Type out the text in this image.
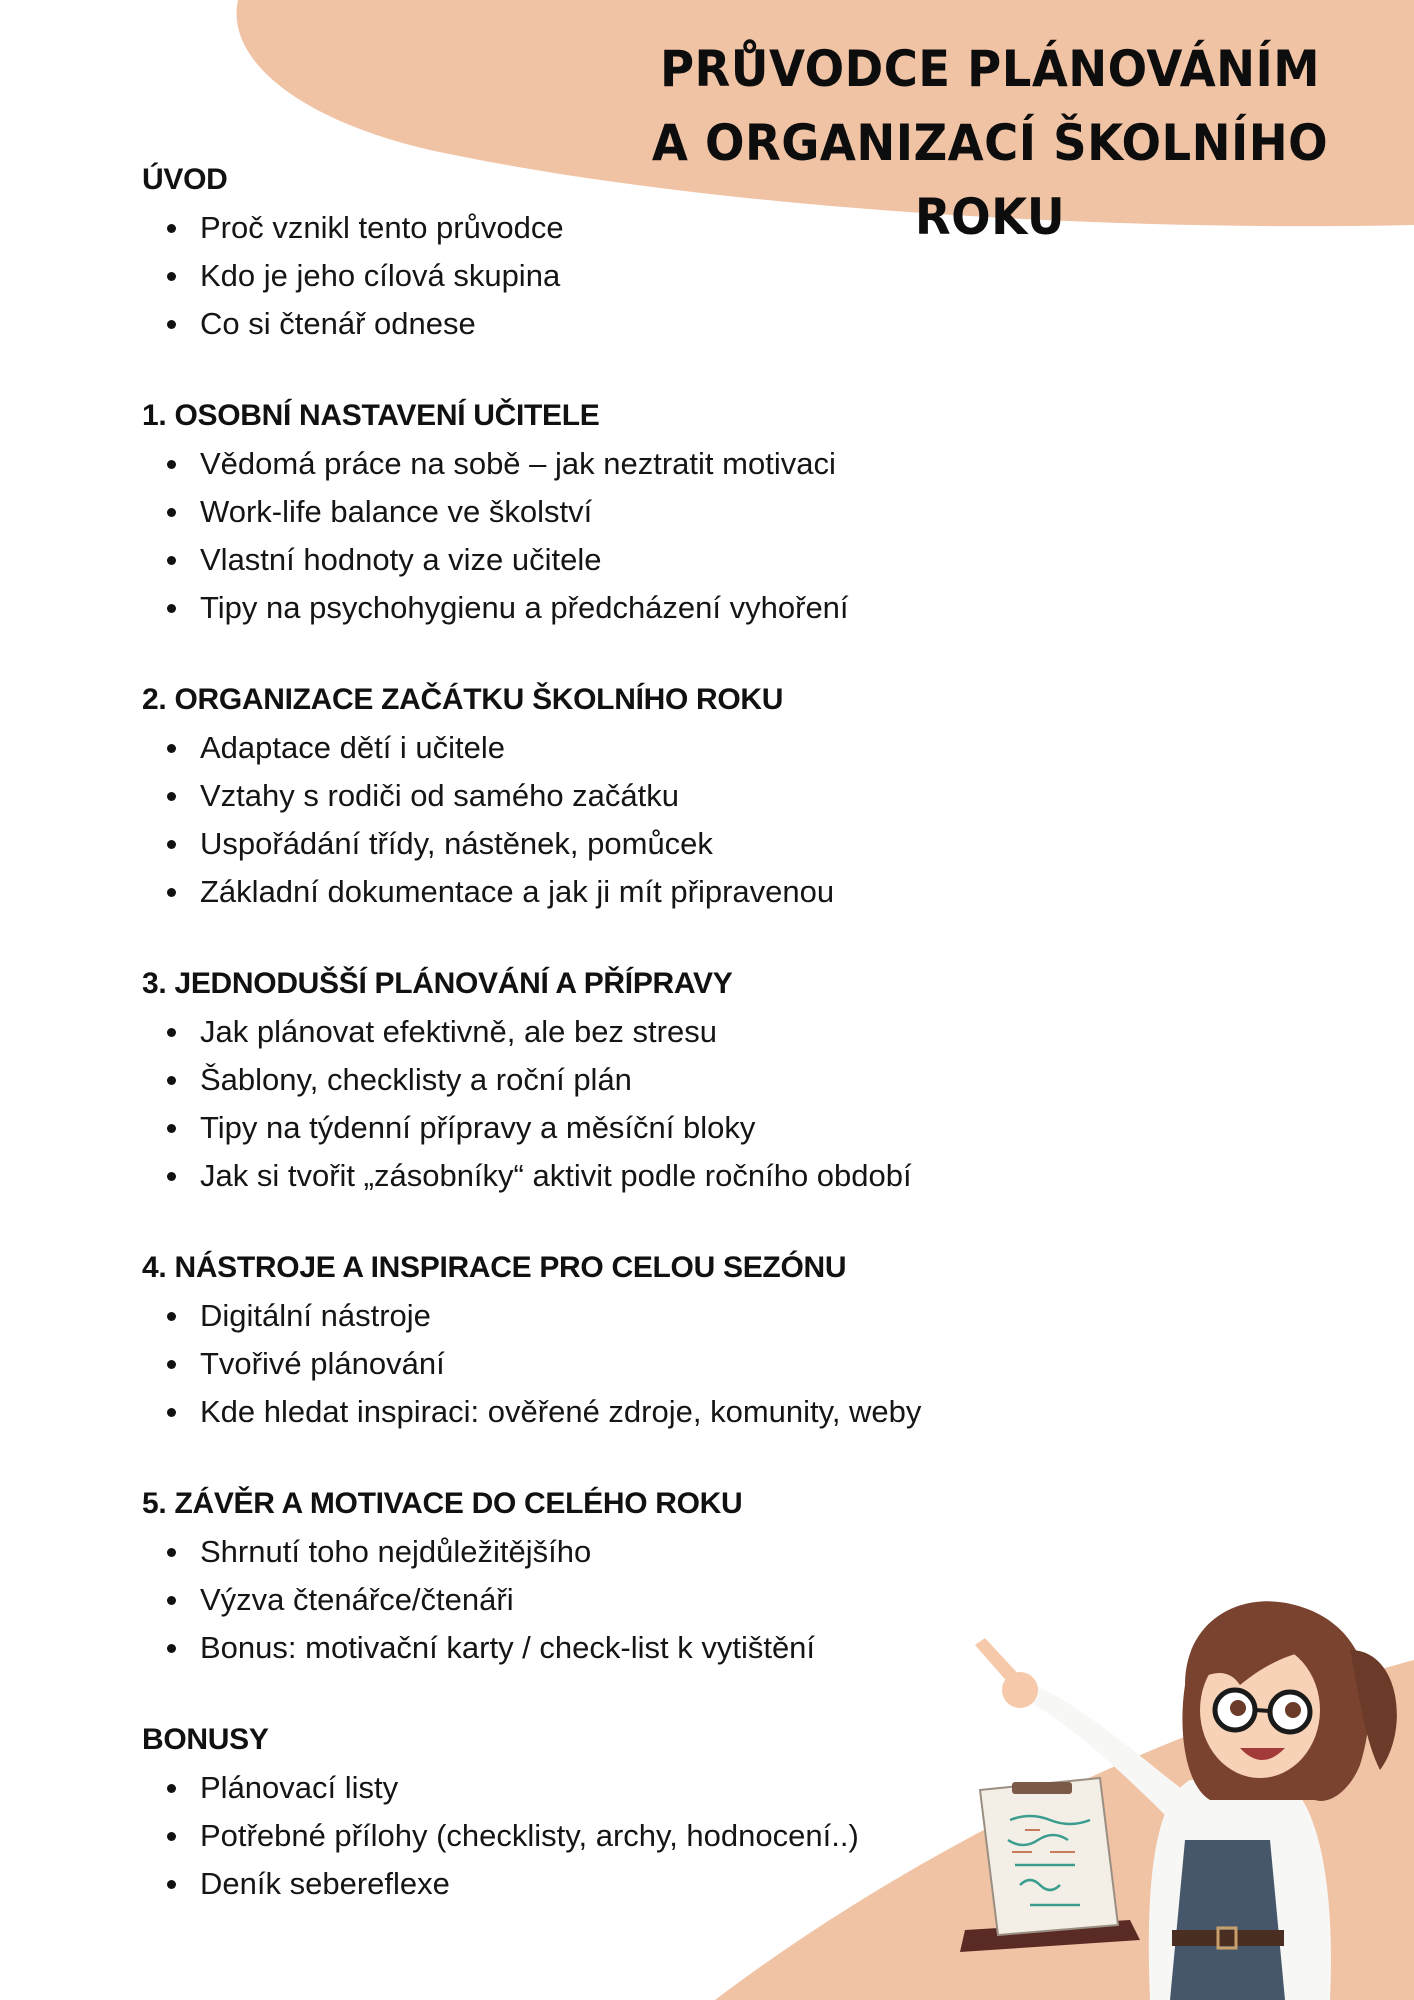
PRŮVODCE PLÁNOVÁNÍM
A ORGANIZACÍ ŠKOLNÍHO ROKU
ÚVOD
Proč vznikl tento průvodce
Kdo je jeho cílová skupina
Co si čtenář odnese
1. OSOBNÍ NASTAVENÍ UČITELE
Vědomá práce na sobě – jak neztratit motivaci
Work-life balance ve školství
Vlastní hodnoty a vize učitele
Tipy na psychohygienu a předcházení vyhoření
2. ORGANIZACE ZAČÁTKU ŠKOLNÍHO ROKU
Adaptace dětí i učitele
Vztahy s rodiči od samého začátku
Uspořádání třídy, nástěnek, pomůcek
Základní dokumentace a jak ji mít připravenou
3. JEDNODUŠŠÍ PLÁNOVÁNÍ A PŘÍPRAVY
Jak plánovat efektivně, ale bez stresu
Šablony, checklisty a roční plán
Tipy na týdenní přípravy a měsíční bloky
Jak si tvořit „zásobníky“ aktivit podle ročního období
4. NÁSTROJE A INSPIRACE PRO CELOU SEZÓNU
Digitální nástroje
Tvořivé plánování
Kde hledat inspiraci: ověřené zdroje, komunity, weby
5. ZÁVĚR A MOTIVACE DO CELÉHO ROKU
Shrnutí toho nejdůležitějšího
Výzva čtenářce/čtenáři
Bonus: motivační karty / check-list k vytištění
BONUSY
Plánovací listy
Potřebné přílohy (checklisty, archy, hodnocení..)
Deník sebereflexe
